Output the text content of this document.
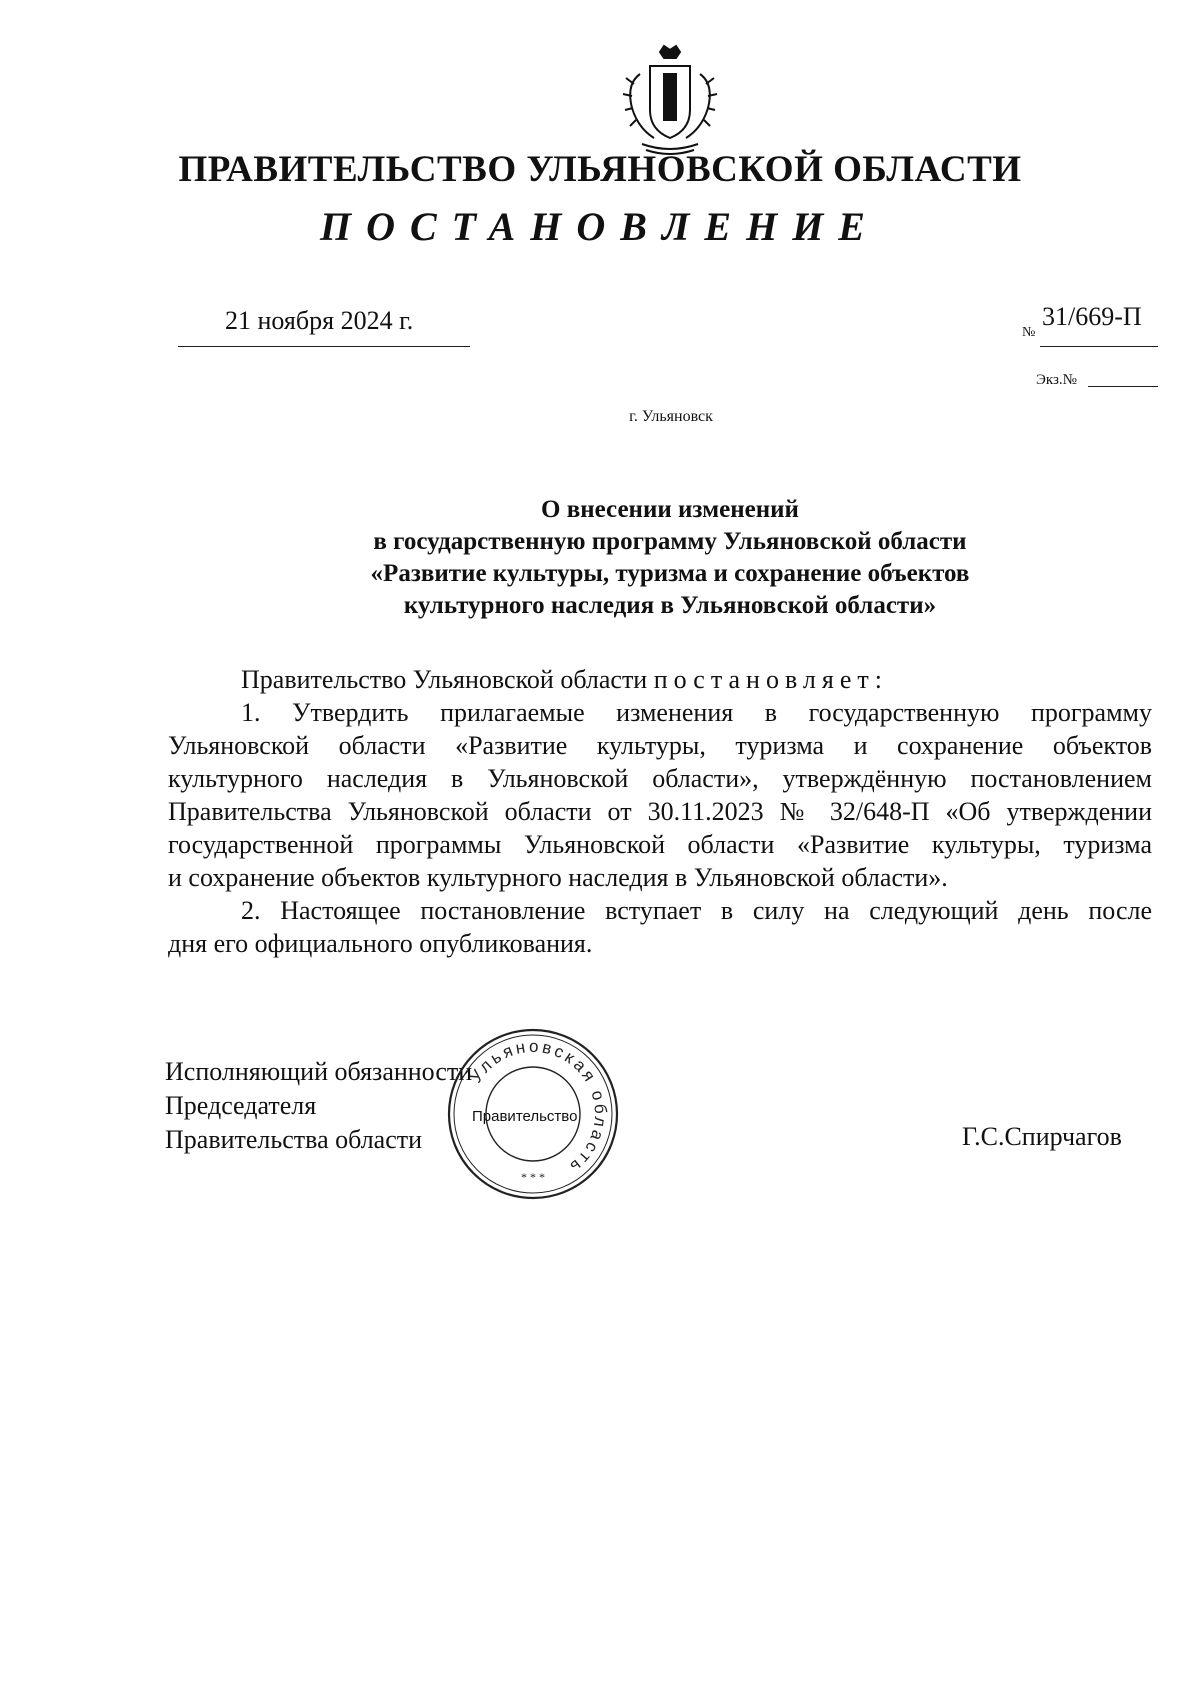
ПРАВИТЕЛЬСТВО УЛЬЯНОВСКОЙ ОБЛАСТИ
ПОСТАНОВЛЕНИЕ
21 ноября 2024 г.	№
31/669-П
Экз.№
г. Ульяновск
О внесении изменений
в государственную программу Ульяновской области
«Развитие культуры, туризма и сохранение объектов
культурного наследия в Ульяновской области»
Правительство Ульяновской области постановляет:
1. Утвердить прилагаемые изменения в государственную программу
Ульяновской области «Развитие культуры, туризма и сохранение объектов
культурного наследия в Ульяновской области», утверждённую постановлением
Правительства Ульяновской области от 30.11.2023 № 32/648-П «Об утверждении
государственной программы Ульяновской области «Развитие культуры, туризма
и сохранение объектов культурного наследия в Ульяновской области».
2. Настоящее постановление вступает в силу на следующий день после
дня его официального опубликования.
Исполняющий обязанности
Председателя
Правительства области
Ульяновская область
* * *
Правительство
Г.С.Спирчагов
